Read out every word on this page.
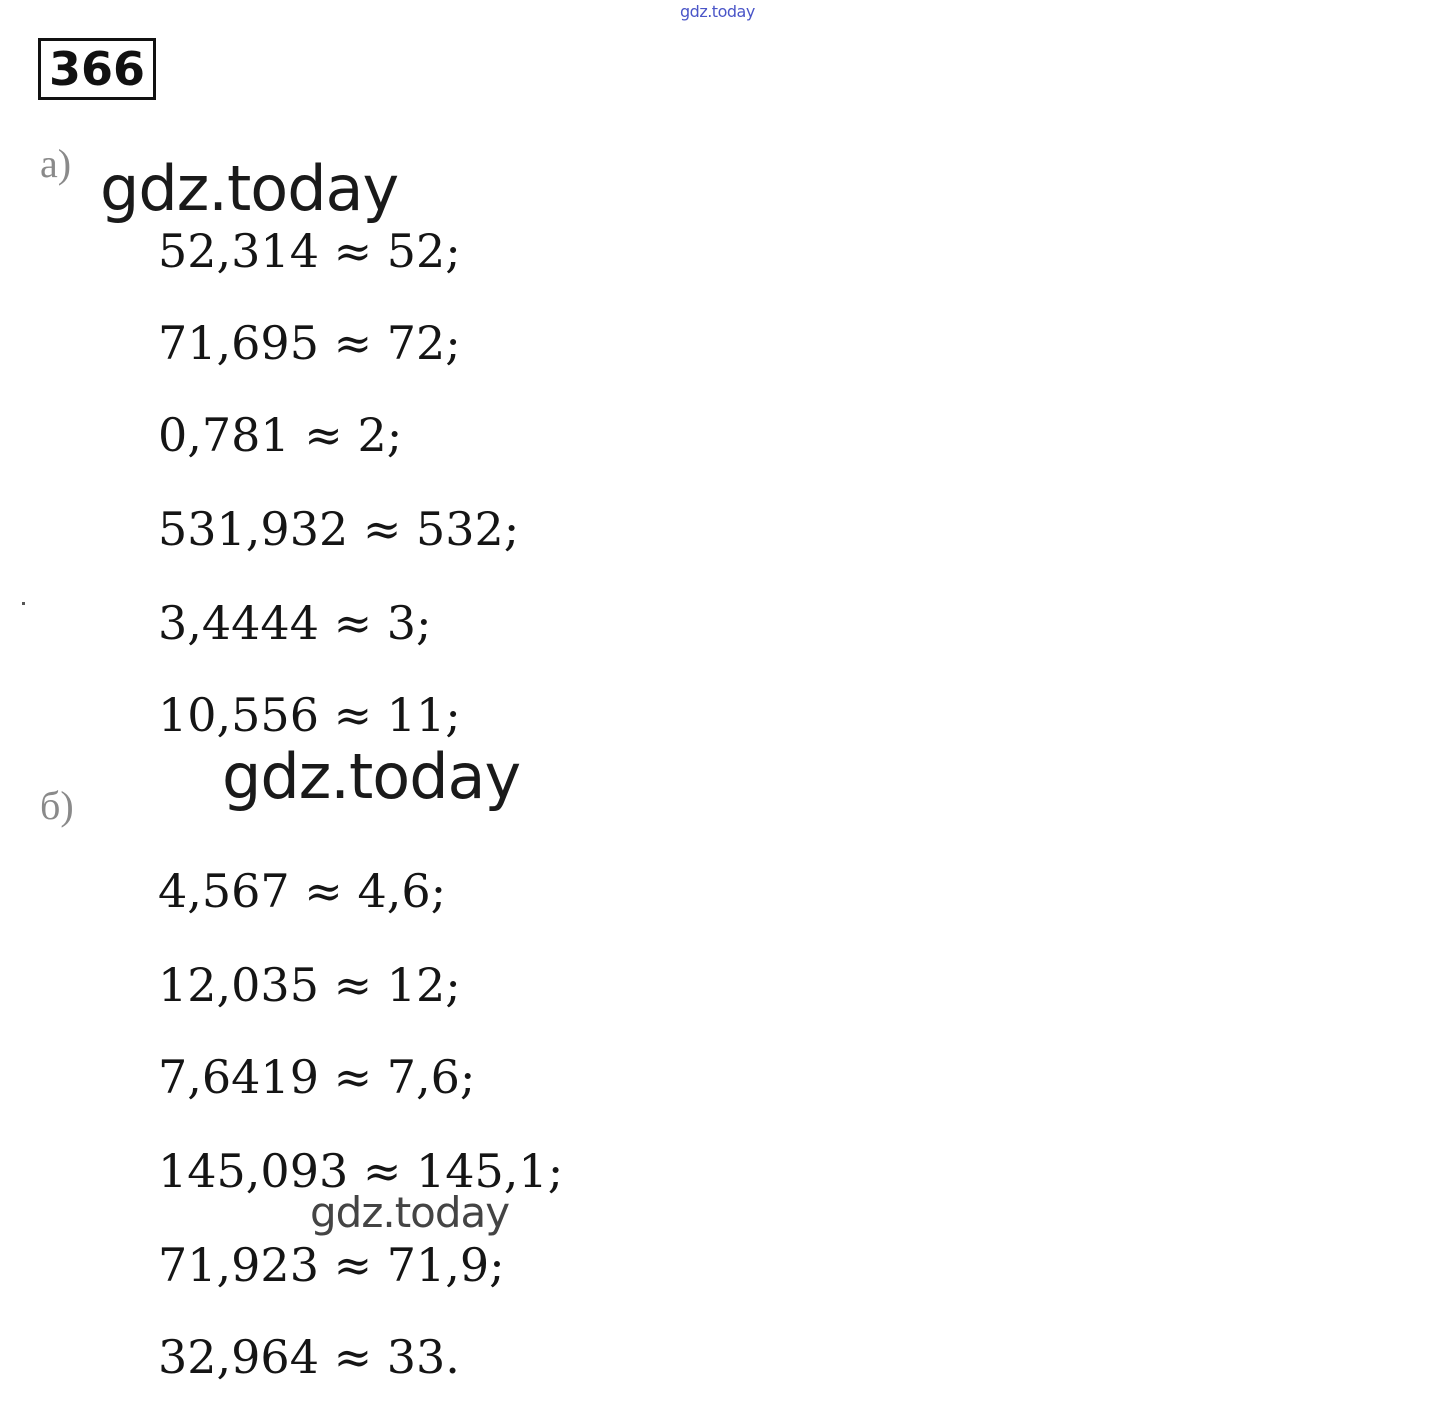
gdz.today
366
а)
52,314 ≈ 52;
71,695 ≈ 72;
0,781 ≈ 2;
531,932 ≈ 532;
3,4444 ≈ 3;
10,556 ≈ 11;
б)
4,567 ≈ 4,6;
12,035 ≈ 12;
7,6419 ≈ 7,6;
145,093 ≈ 145,1;
71,923 ≈ 71,9;
32,964 ≈ 33.
gdz.today
gdz.today
gdz.today
